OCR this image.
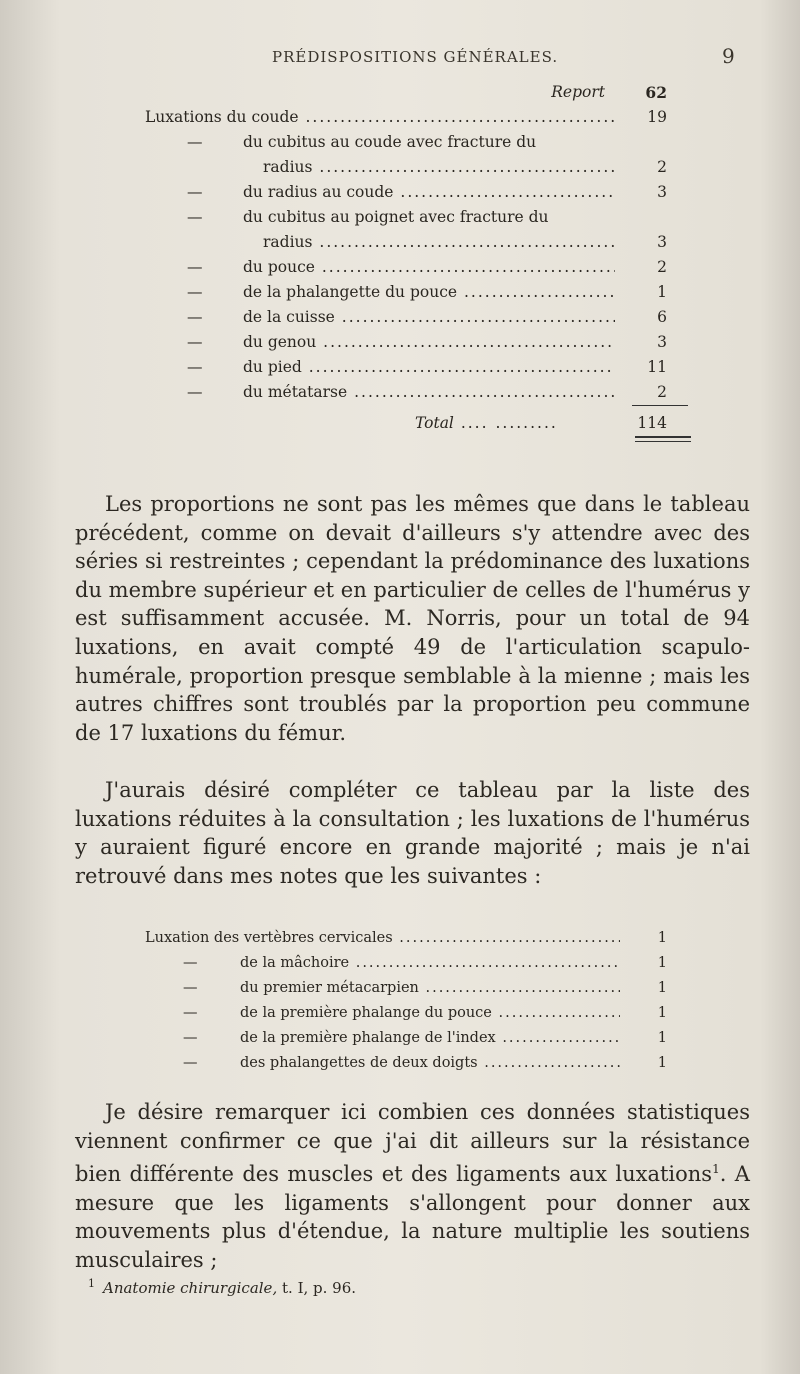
PRÉDISPOSITIONS GÉNÉRALES.	9
Report	62
Luxations du coude .....	19
—	du cubitus au coude avec fracture du
radius .....	2
—	du radius au coude .....	3
—	du cubitus au poignet avec fracture du
radius .....	3
—	du pouce .....	2
—	de la phalangette du pouce .....	1
—	de la cuisse .....	6
—	du genou .....	3
—	du pied .....	11
—	du métatarse .....	2
Total ....	114

Les proportions ne sont pas les mêmes que dans le tableau précédent, comme on devait d'ailleurs s'y attendre avec des séries si restreintes ; cependant la prédominance des luxations du membre supérieur et en particulier de celles de l'humérus y est suffisamment accusée. M. Norris, pour un total de 94 luxations, en avait compté 49 de l'articulation scapulo-humérale, proportion presque semblable à la mienne ; mais les autres chiffres sont troublés par la proportion peu commune de 17 luxations du fémur.

J'aurais désiré compléter ce tableau par la liste des luxations réduites à la consultation ; les luxations de l'humérus y auraient figuré encore en grande majorité ; mais je n'ai retrouvé dans mes notes que les suivantes :

Luxation des vertèbres cervicales .....	1
—	de la mâchoire .....	1
—	du premier métacarpien .....	1
—	de la première phalange du pouce .....	1
—	de la première phalange de l'index .....	1
—	des phalangettes de deux doigts .....	1

Je désire remarquer ici combien ces données statistiques viennent confirmer ce que j'ai dit ailleurs sur la résistance bien différente des muscles et des ligaments aux luxations$^1$. A mesure que les ligaments s'allongent pour donner aux mouvements plus d'étendue, la nature multiplie les soutiens musculaires ;

$^1$ Anatomie chirurgicale, t. I, p. 96.
